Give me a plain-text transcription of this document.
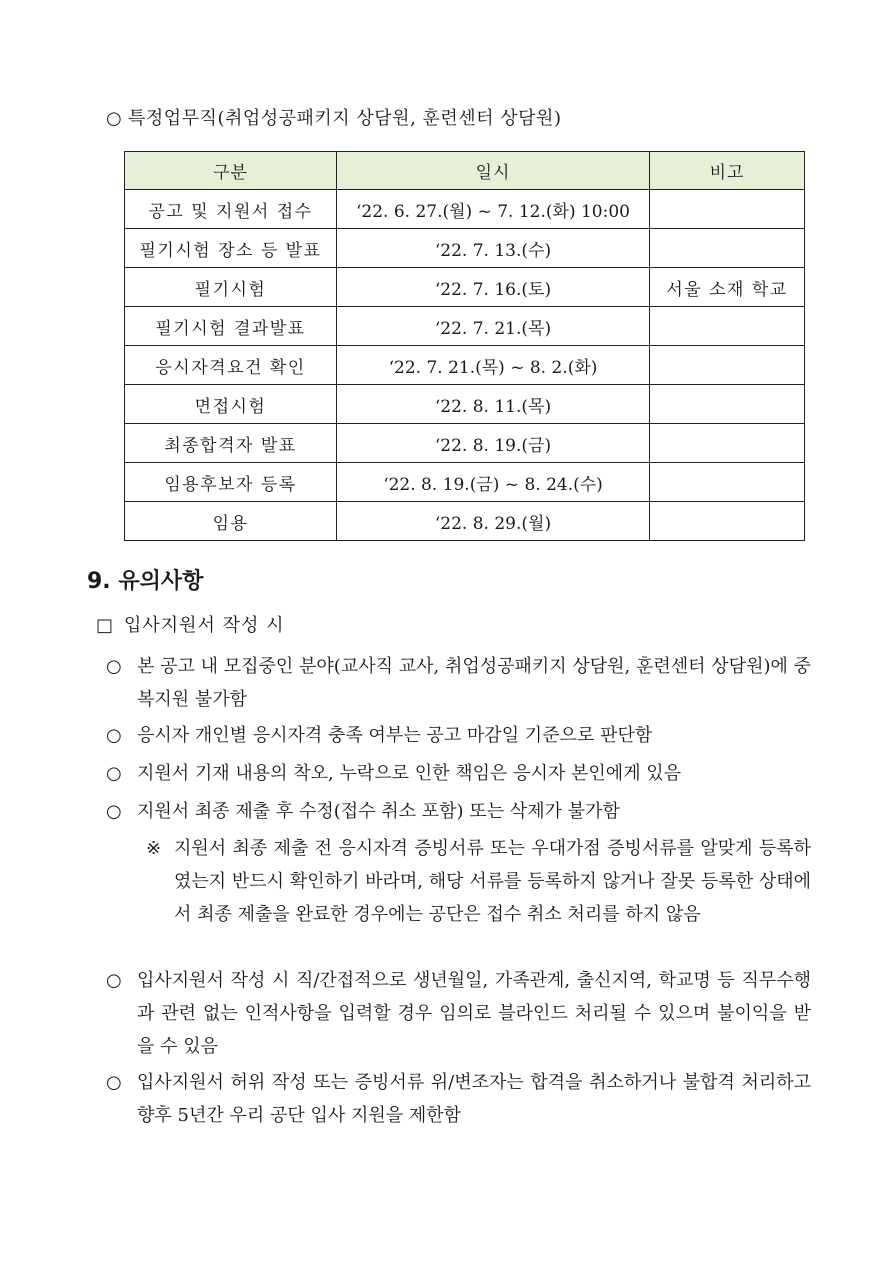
○ 특정업무직(취업성공패키지 상담원, 훈련센터 상담원)
구분	일시	비고
공고 및 지원서 접수	‘22. 6. 27.(월) ~ 7. 12.(화) 10:00	
필기시험 장소 등 발표	‘22. 7. 13.(수)	
필기시험	‘22. 7. 16.(토)	서울 소재 학교
필기시험 결과발표	‘22. 7. 21.(목)	
응시자격요건 확인	‘22. 7. 21.(목) ~ 8. 2.(화)	
면접시험	‘22. 8. 11.(목)	
최종합격자 발표	‘22. 8. 19.(금)	
임용후보자 등록	‘22. 8. 19.(금) ~ 8. 24.(수)	
임용	‘22. 8. 29.(월)	
9. 유의사항
□ 입사지원서 작성 시
○ 본 공고 내 모집중인 분야(교사직 교사, 취업성공패키지 상담원, 훈련센터 상담원)에 중복지원 불가함
○ 응시자 개인별 응시자격 충족 여부는 공고 마감일 기준으로 판단함
○ 지원서 기재 내용의 착오, 누락으로 인한 책임은 응시자 본인에게 있음
○ 지원서 최종 제출 후 수정(접수 취소 포함) 또는 삭제가 불가함
※ 지원서 최종 제출 전 응시자격 증빙서류 또는 우대가점 증빙서류를 알맞게 등록하였는지 반드시 확인하기 바라며, 해당 서류를 등록하지 않거나 잘못 등록한 상태에서 최종 제출을 완료한 경우에는 공단은 접수 취소 처리를 하지 않음
○ 입사지원서 작성 시 직/간접적으로 생년월일, 가족관계, 출신지역, 학교명 등 직무수행과 관련 없는 인적사항을 입력할 경우 임의로 블라인드 처리될 수 있으며 불이익을 받을 수 있음
○ 입사지원서 허위 작성 또는 증빙서류 위/변조자는 합격을 취소하거나 불합격 처리하고 향후 5년간 우리 공단 입사 지원을 제한함
